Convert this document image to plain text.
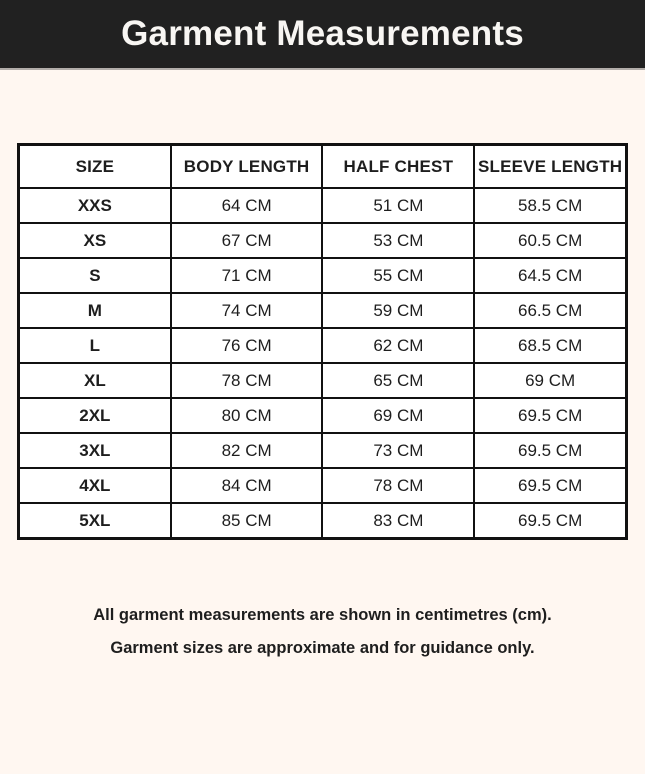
Garment Measurements
SIZE	BODY LENGTH	HALF CHEST	SLEEVE LENGTH
XXS	64 CM	51 CM	58.5 CM
XS	67 CM	53 CM	60.5 CM
S	71 CM	55 CM	64.5 CM
M	74 CM	59 CM	66.5 CM
L	76 CM	62 CM	68.5 CM
XL	78 CM	65 CM	69 CM
2XL	80 CM	69 CM	69.5 CM
3XL	82 CM	73 CM	69.5 CM
4XL	84 CM	78 CM	69.5 CM
5XL	85 CM	83 CM	69.5 CM

All garment measurements are shown in centimetres (cm).

Garment sizes are approximate and for guidance only.
